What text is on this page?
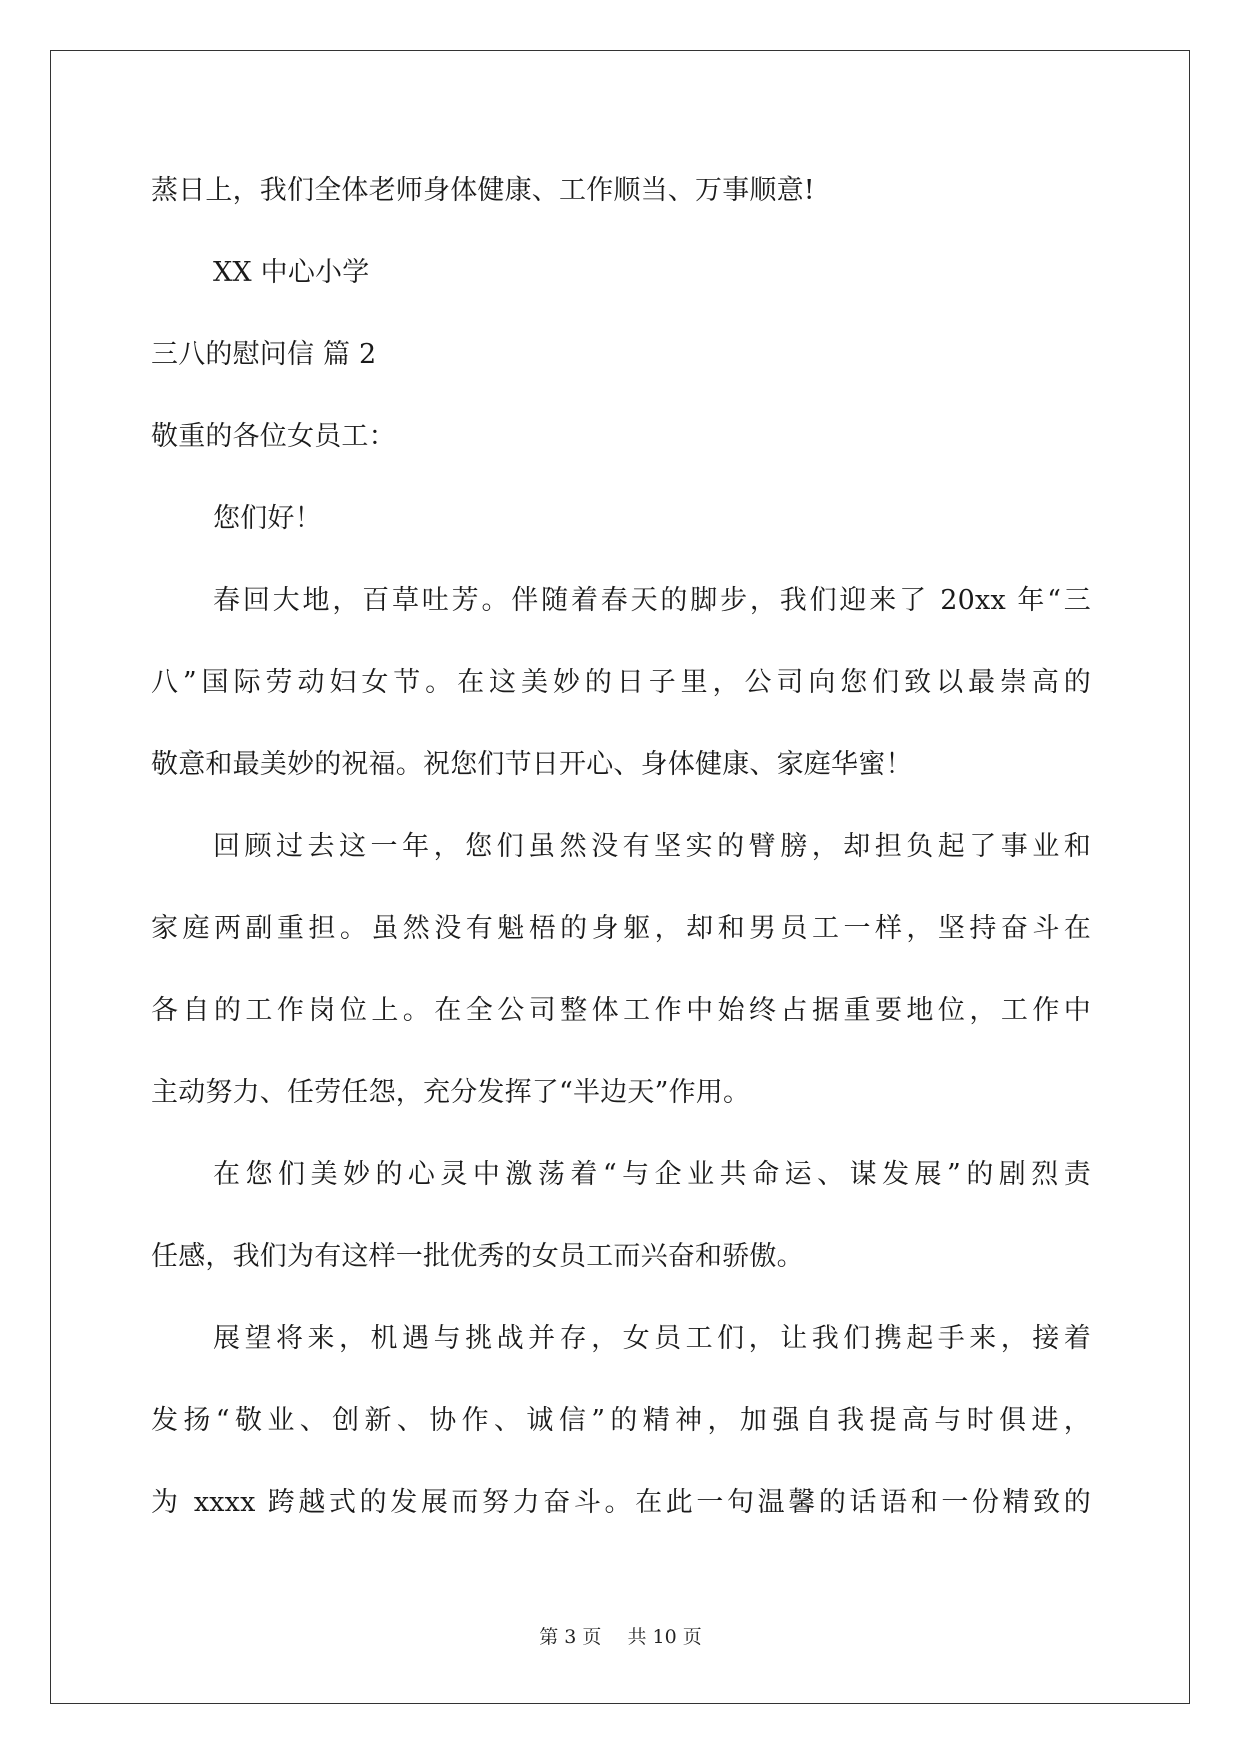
蒸日上，我们全体老师身体健康、工作顺当、万事顺意!
XX 中心小学
三八的慰问信 篇 2
敬重的各位女员工：
您们好！
春回大地，百草吐芳。伴随着春天的脚步，我们迎来了 20xx 年“三
八”国际劳动妇女节。在这美妙的日子里，公司向您们致以最崇高的
敬意和最美妙的祝福。祝您们节日开心、身体健康、家庭华蜜！
回顾过去这一年，您们虽然没有坚实的臂膀，却担负起了事业和
家庭两副重担。虽然没有魁梧的身躯，却和男员工一样，坚持奋斗在
各自的工作岗位上。在全公司整体工作中始终占据重要地位，工作中
主动努力、任劳任怨，充分发挥了“半边天”作用。
在您们美妙的心灵中激荡着“与企业共命运、谋发展”的剧烈责
任感，我们为有这样一批优秀的女员工而兴奋和骄傲。
展望将来，机遇与挑战并存，女员工们，让我们携起手来，接着
发扬“敬业、创新、协作、诚信”的精神，加强自我提高与时俱进，
为 xxxx 跨越式的发展而努力奋斗。在此一句温馨的话语和一份精致的
第 3 页 共 10 页
